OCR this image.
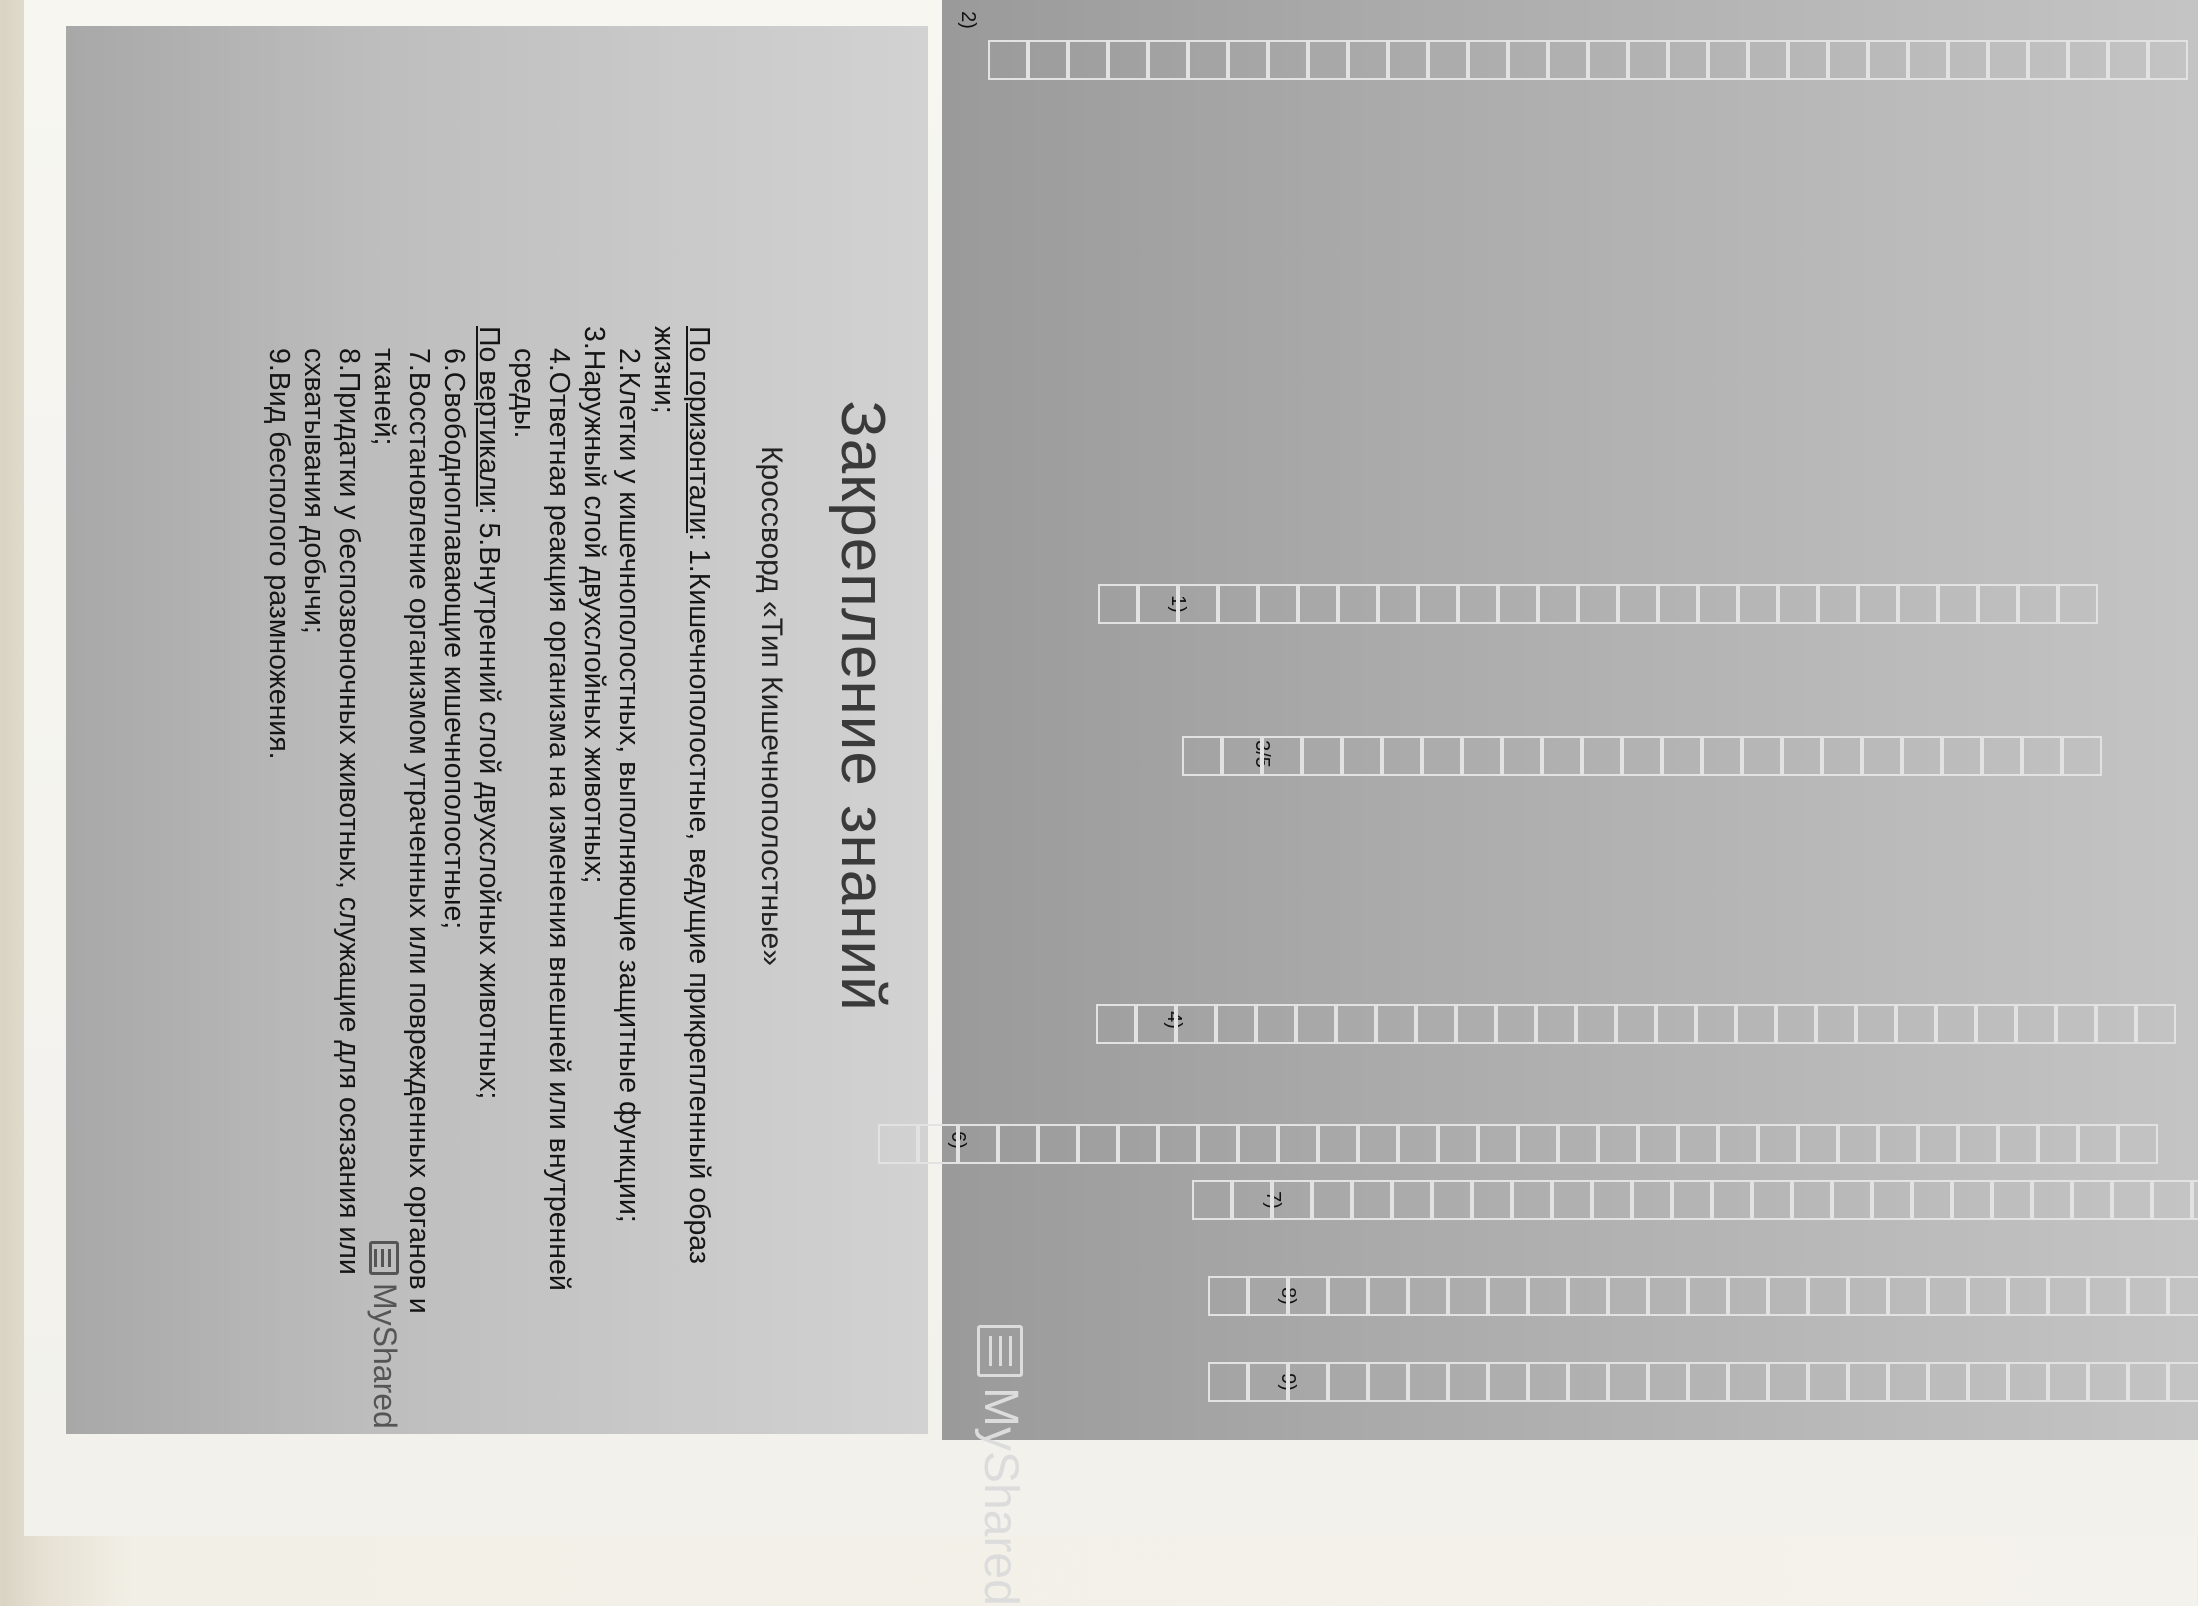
Закрепление знаний
Кроссворд «Тип Кишечнополостные»

По горизонтали: 1.Кишечнополостные, ведущие прикрепленный образ жизни;

2.Клетки у кишечнополостных, выполняющие защитные функции;

3.Наружный слой двухслойных животных;

4.Ответная реакция организма на изменения внешней или внутренней среды.

По вертикали: 5.Внутренний слой двухслойных животных;

6.Свободноплавающие кишечнополостные;

7.Восстановление организмом утраченных или поврежденных органов и тканей;

8.Придатки у беспозвоночных животных, служащие для осязания или схватывания добычи;

9.Вид бесполого размножения.

MyShared
1)
2)
3/5
4)
6)
7)
8)
9)
MyShared
